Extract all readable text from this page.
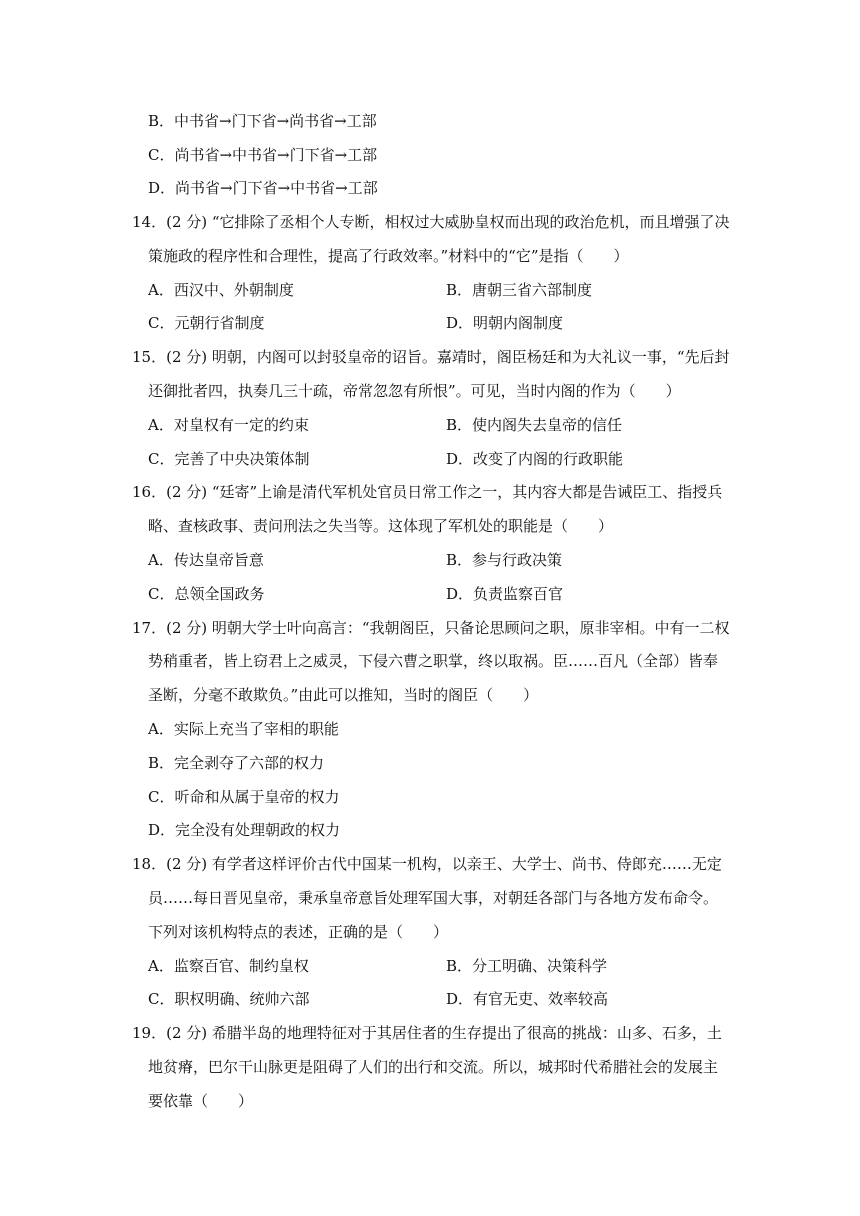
B．中书省→门下省→尚书省→工部
C．尚书省→中书省→门下省→工部
D．尚书省→门下省→中书省→工部
14．(2 分) “它排除了丞相个人专断，相权过大威胁皇权而出现的政治危机，而且增强了决
策施政的程序性和合理性，提高了行政效率。”材料中的“它”是指（　　）
A．西汉中、外朝制度	B．唐朝三省六部制度
C．元朝行省制度	D．明朝内阁制度
15．(2 分) 明朝，内阁可以封驳皇帝的诏旨。嘉靖时，阁臣杨廷和为大礼议一事，“先后封
还御批者四，执奏几三十疏，帝常忽忽有所恨”。可见，当时内阁的作为（　　）
A．对皇权有一定的约束	B．使内阁失去皇帝的信任
C．完善了中央决策体制	D．改变了内阁的行政职能
16．(2 分) “廷寄”上谕是清代军机处官员日常工作之一，其内容大都是告诫臣工、指授兵
略、查核政事、责问刑法之失当等。这体现了军机处的职能是（　　）
A．传达皇帝旨意	B．参与行政决策
C．总领全国政务	D．负责监察百官
17．(2 分) 明朝大学士叶向高言：“我朝阁臣，只备论思顾问之职，原非宰相。中有一二权
势稍重者，皆上窃君上之威灵，下侵六曹之职掌，终以取祸。臣……百凡（全部）皆奉
圣断，分毫不敢欺负。”由此可以推知，当时的阁臣（　　）
A．实际上充当了宰相的职能
B．完全剥夺了六部的权力
C．听命和从属于皇帝的权力
D．完全没有处理朝政的权力
18．(2 分) 有学者这样评价古代中国某一机构，以亲王、大学士、尚书、侍郎充……无定
员……每日晋见皇帝，秉承皇帝意旨处理军国大事，对朝廷各部门与各地方发布命令。
下列对该机构特点的表述，正确的是（　　）
A．监察百官、制约皇权	B．分工明确、决策科学
C．职权明确、统帅六部	D．有官无吏、效率较高
19．(2 分) 希腊半岛的地理特征对于其居住者的生存提出了很高的挑战：山多、石多，土
地贫瘠，巴尔干山脉更是阻碍了人们的出行和交流。所以，城邦时代希腊社会的发展主
要依靠（　　）
